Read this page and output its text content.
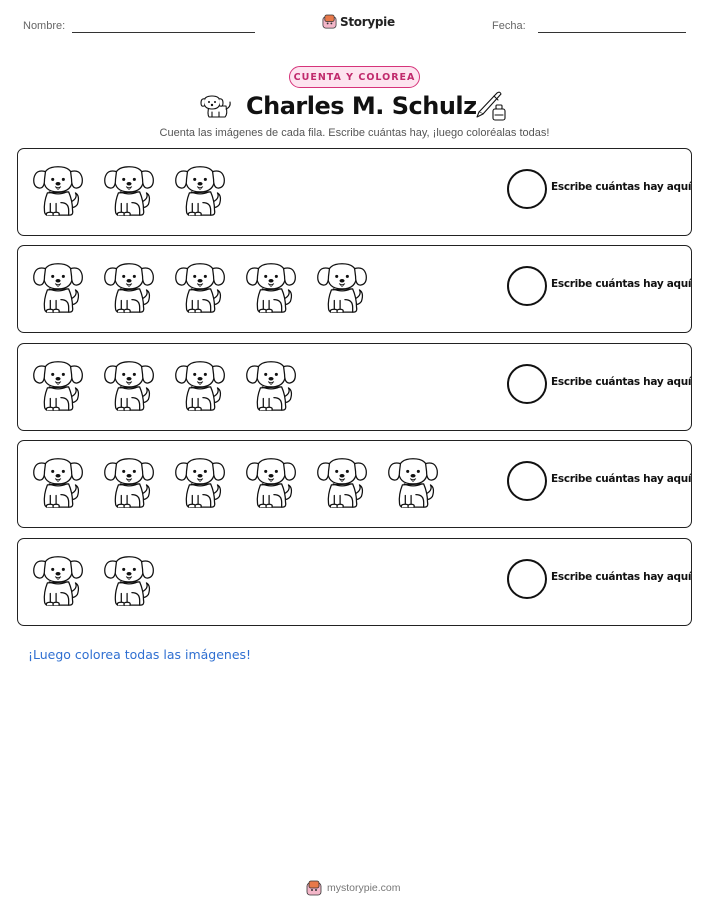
Nombre:	Storypie	Fecha:
CUENTA Y COLOREA
Charles M. Schulz
Cuenta las imágenes de cada fila. Escribe cuántas hay, ¡luego coloréalas todas!
Escribe cuántas hay aquí
Escribe cuántas hay aquí
Escribe cuántas hay aquí
Escribe cuántas hay aquí
Escribe cuántas hay aquí
¡Luego colorea todas las imágenes!
mystorypie.com
